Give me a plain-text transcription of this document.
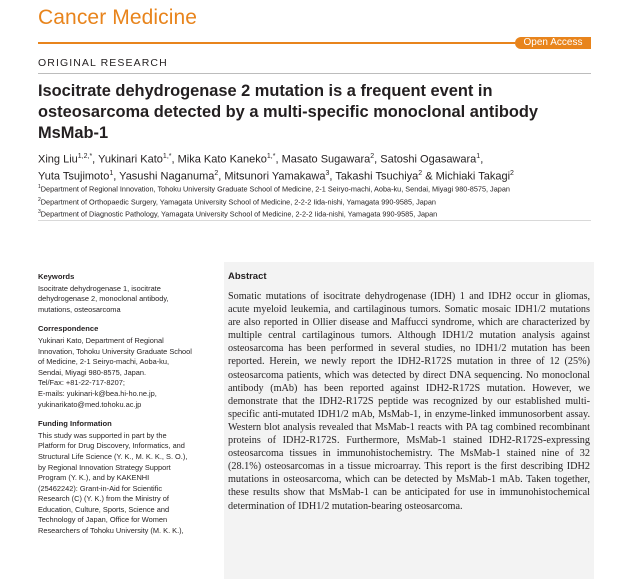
Cancer Medicine
Open Access
ORIGINAL RESEARCH
Isocitrate dehydrogenase 2 mutation is a frequent event in osteosarcoma detected by a multi-specific monoclonal antibody MsMab-1
Xing Liu$^{1,2,*}$, Yukinari Kato$^{1,*}$, Mika Kato Kaneko$^{1,*}$, Masato Sugawara$^2$, Satoshi Ogasawara$^1$,
Yuta Tsujimoto$^1$, Yasushi Naganuma$^2$, Mitsunori Yamakawa$^3$, Takashi Tsuchiya$^2$ & Michiaki Takagi$^2$
$^1$Department of Regional Innovation, Tohoku University Graduate School of Medicine, 2-1 Seiryo-machi, Aoba-ku, Sendai, Miyagi 980-8575, Japan
$^2$Department of Orthopaedic Surgery, Yamagata University School of Medicine, 2-2-2 Iida-nishi, Yamagata 990-9585, Japan
$^3$Department of Diagnostic Pathology, Yamagata University School of Medicine, 2-2-2 Iida-nishi, Yamagata 990-9585, Japan
Keywords
Isocitrate dehydrogenase 1, isocitrate
dehydrogenase 2, monoclonal antibody,
mutations, osteosarcoma
Correspondence
Yukinari Kato, Department of Regional
Innovation, Tohoku University Graduate School
of Medicine, 2-1 Seiryo-machi, Aoba-ku,
Sendai, Miyagi 980-8575, Japan.
Tel/Fax: +81-22-717-8207;
E-mails: yukinari-k@bea.hi-ho.ne.jp,
yukinarikato@med.tohoku.ac.jp
Funding Information
This study was supported in part by the
Platform for Drug Discovery, Informatics, and
Structural Life Science (Y. K., M. K. K., S. O.),
by Regional Innovation Strategy Support
Program (Y. K.), and by KAKENHI
(25462242): Grant-in-Aid for Scientific
Research (C) (Y. K.) from the Ministry of
Education, Culture, Sports, Science and
Technology of Japan, Office for Women
Researchers of Tohoku University (M. K. K.),
Abstract
Somatic mutations of isocitrate dehydrogenase (IDH) 1 and IDH2 occur in gliomas, acute myeloid leukemia, and cartilaginous tumors. Somatic mosaic IDH1/2 mutations are also reported in Ollier disease and Maffucci syndrome, which are characterized by multiple central cartilaginous tumors. Although IDH1/2 mutation analysis against osteosarcoma has been performed in several studies, no IDH1/2 mutation has been reported. Herein, we newly report the IDH2-R172S mutation in three of 12 (25%) osteosarcoma patients, which was detected by direct DNA sequencing. No monoclonal antibody (mAb) has been reported against IDH2-R172S mutation. However, we demonstrate that the IDH2-R172S peptide was recognized by our established multi-specific anti-mutated IDH1/2 mAb, MsMab-1, in enzyme-linked immunosorbent assay. Western blot analysis revealed that MsMab-1 reacts with PA tag combined recombinant proteins of IDH2-R172S. Furthermore, MsMab-1 stained IDH2-R172S-expressing osteosarcoma tissues in immunohistochemistry. The MsMab-1 stained nine of 32 (28.1%) osteosarcomas in a tissue microarray. This report is the first describing IDH2 mutations in osteosarcoma, which can be detected by MsMab-1 mAb. Taken together, these results show that MsMab-1 can be anticipated for use in immunohistochemical determination of IDH1/2 mutation-bearing osteosarcoma.
